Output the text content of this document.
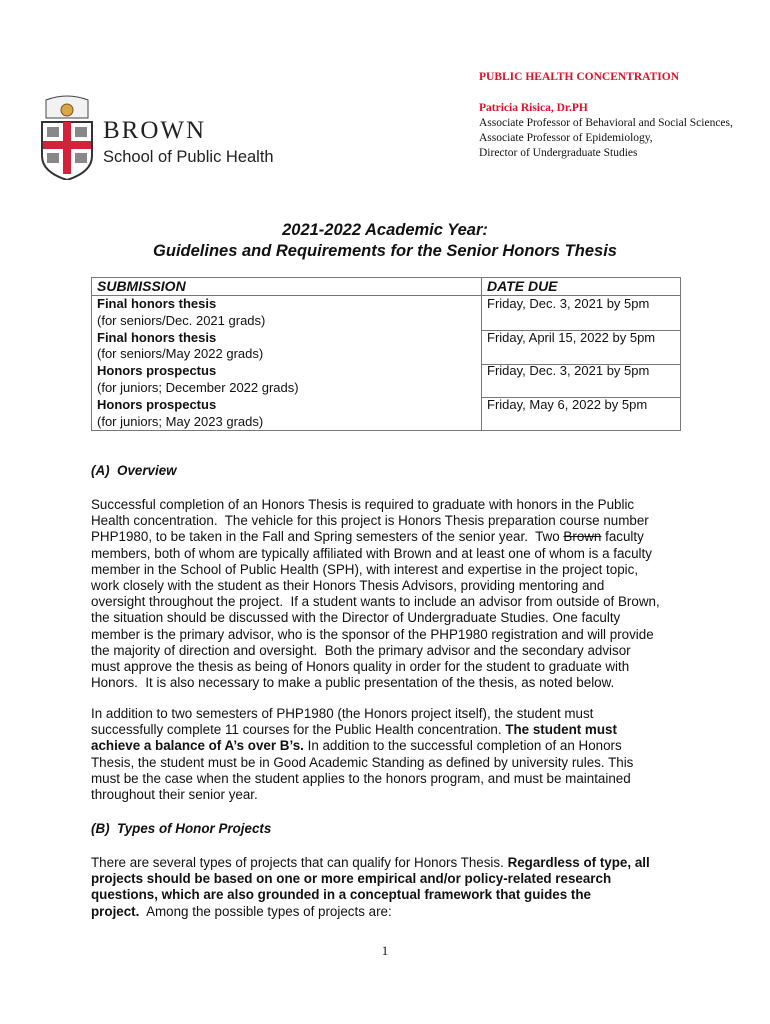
BROWN
School of Public Health
PUBLIC HEALTH CONCENTRATION
Patricia Risica, Dr.PH
Associate Professor of Behavioral and Social Sciences,
Associate Professor of Epidemiology,
Director of Undergraduate Studies
2021-2022 Academic Year:
Guidelines and Requirements for the Senior Honors Thesis
SUBMISSION	DATE DUE
Final honors thesis
(for seniors/Dec. 2021 grads)
Friday, Dec. 3, 2021 by 5pm
Final honors thesis
(for seniors/May 2022 grads)
Friday, April 15, 2022 by 5pm
Honors prospectus
(for juniors; December 2022 grads)
Friday, Dec. 3, 2021 by 5pm
Honors prospectus
(for juniors; May 2023 grads)
Friday, May 6, 2022 by 5pm
1
(A)  Overview
Successful completion of an Honors Thesis is required to graduate with honors in the Public
Health concentration.  The vehicle for this project is Honors Thesis preparation course number
PHP1980, to be taken in the Fall and Spring semesters of the senior year.  Two Brown faculty
members, both of whom are typically affiliated with Brown and at least one of whom is a faculty
member in the School of Public Health (SPH), with interest and expertise in the project topic,
work closely with the student as their Honors Thesis Advisors, providing mentoring and
oversight throughout the project.  If a student wants to include an advisor from outside of Brown,
the situation should be discussed with the Director of Undergraduate Studies. One faculty
member is the primary advisor, who is the sponsor of the PHP1980 registration and will provide
the majority of direction and oversight.  Both the primary advisor and the secondary advisor
must approve the thesis as being of Honors quality in order for the student to graduate with
Honors.  It is also necessary to make a public presentation of the thesis, as noted below.
In addition to two semesters of PHP1980 (the Honors project itself), the student must
successfully complete 11 courses for the Public Health concentration. The student must
achieve a balance of A’s over B’s. In addition to the successful completion of an Honors
Thesis, the student must be in Good Academic Standing as defined by university rules. This
must be the case when the student applies to the honors program, and must be maintained
throughout their senior year.
(B)  Types of Honor Projects
There are several types of projects that can qualify for Honors Thesis. Regardless of type, all
projects should be based on one or more empirical and/or policy-related research
questions, which are also grounded in a conceptual framework that guides the
project.  Among the possible types of projects are:
